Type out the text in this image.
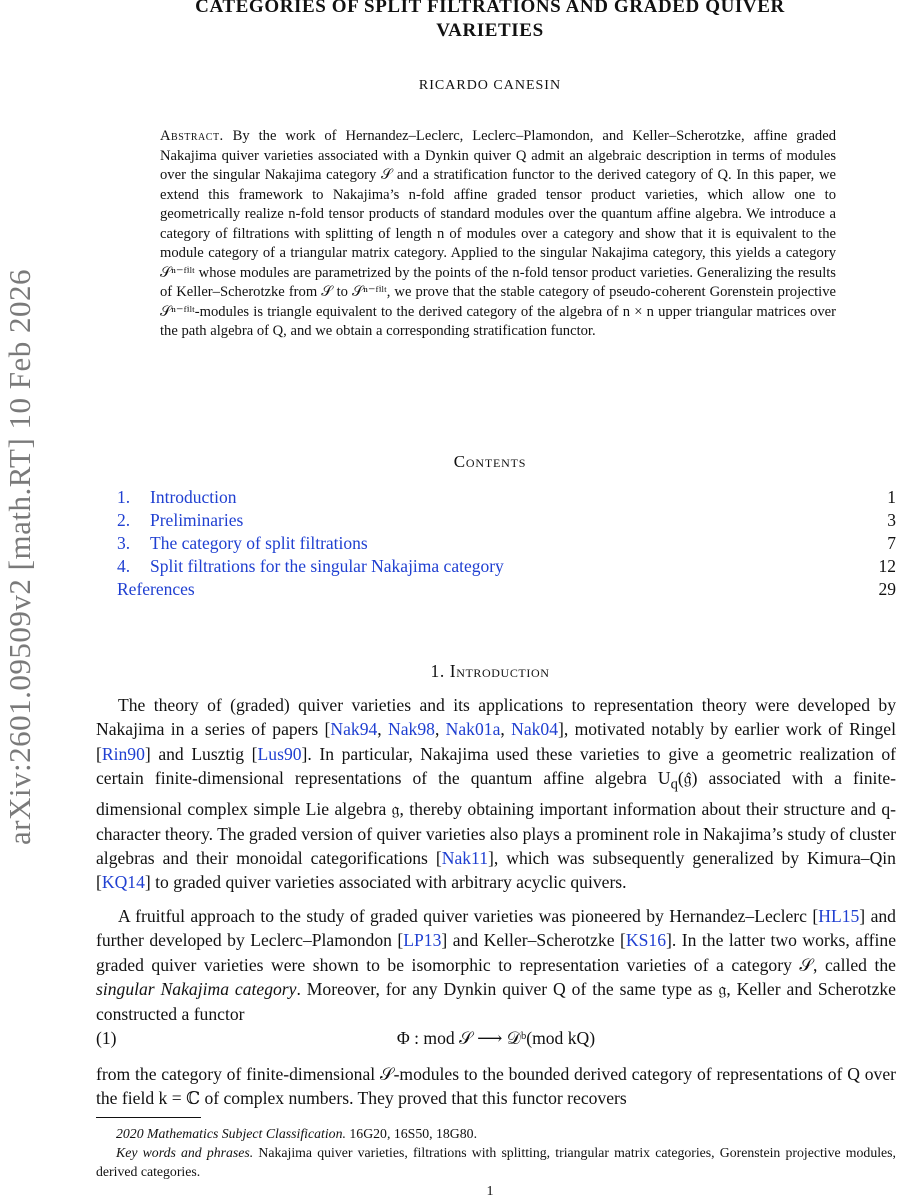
arXiv:2601.09509v2 [math.RT] 10 Feb 2026
CATEGORIES OF SPLIT FILTRATIONS AND GRADED QUIVER
VARIETIES
RICARDO CANESIN
Abstract. By the work of Hernandez–Leclerc, Leclerc–Plamondon, and Keller–Scherotzke, affine graded Nakajima quiver varieties associated with a Dynkin quiver Q admit an algebraic description in terms of modules over the singular Nakajima category 𝒮 and a stratification functor to the derived category of Q. In this paper, we extend this framework to Nakajima’s n-fold affine graded tensor product varieties, which allow one to geometrically realize n-fold tensor products of standard modules over the quantum affine algebra. We introduce a category of filtrations with splitting of length n of modules over a category and show that it is equivalent to the module category of a triangular matrix category. Applied to the singular Nakajima category, this yields a category 𝒮ⁿ⁻ᶠⁱˡᵗ whose modules are parametrized by the points of the n-fold tensor product varieties. Generalizing the results of Keller–Scherotzke from 𝒮 to 𝒮ⁿ⁻ᶠⁱˡᵗ, we prove that the stable category of pseudo-coherent Gorenstein projective 𝒮ⁿ⁻ᶠⁱˡᵗ-modules is triangle equivalent to the derived category of the algebra of n × n upper triangular matrices over the path algebra of Q, and we obtain a corresponding stratification functor.
Contents
1. Introduction	1
2. Preliminaries	3
3. The category of split filtrations	7
4. Split filtrations for the singular Nakajima category	12
References	29
1. Introduction

The theory of (graded) quiver varieties and its applications to representation theory were developed by Nakajima in a series of papers [Nak94, Nak98, Nak01a, Nak04], motivated notably by earlier work of Ringel [Rin90] and Lusztig [Lus90]. In particular, Nakajima used these varieties to give a geometric realization of certain finite-dimensional representations of the quantum affine algebra $U_q(𝔤̂)$ associated with a finite-dimensional complex simple Lie algebra 𝔤, thereby obtaining important information about their structure and q-character theory. The graded version of quiver varieties also plays a prominent role in Nakajima’s study of cluster algebras and their monoidal categorifications [Nak11], which was subsequently generalized by Kimura–Qin [KQ14] to graded quiver varieties associated with arbitrary acyclic quivers.

A fruitful approach to the study of graded quiver varieties was pioneered by Hernandez–Leclerc [HL15] and further developed by Leclerc–Plamondon [LP13] and Keller–Scherotzke [KS16]. In the latter two works, affine graded quiver varieties were shown to be isomorphic to representation varieties of a category 𝒮, called the singular Nakajima category. Moreover, for any Dynkin quiver Q of the same type as 𝔤, Keller and Scherotzke constructed a functor

(1)	Φ : mod 𝒮 ⟶ 𝒟ᵇ(mod kQ)
from the category of finite-dimensional 𝒮-modules to the bounded derived category of representations of Q over the field k = ℂ of complex numbers. They proved that this functor recovers

2020 Mathematics Subject Classification. 16G20, 16S50, 18G80.

Key words and phrases. Nakajima quiver varieties, filtrations with splitting, triangular matrix categories, Gorenstein projective modules, derived categories.

1
